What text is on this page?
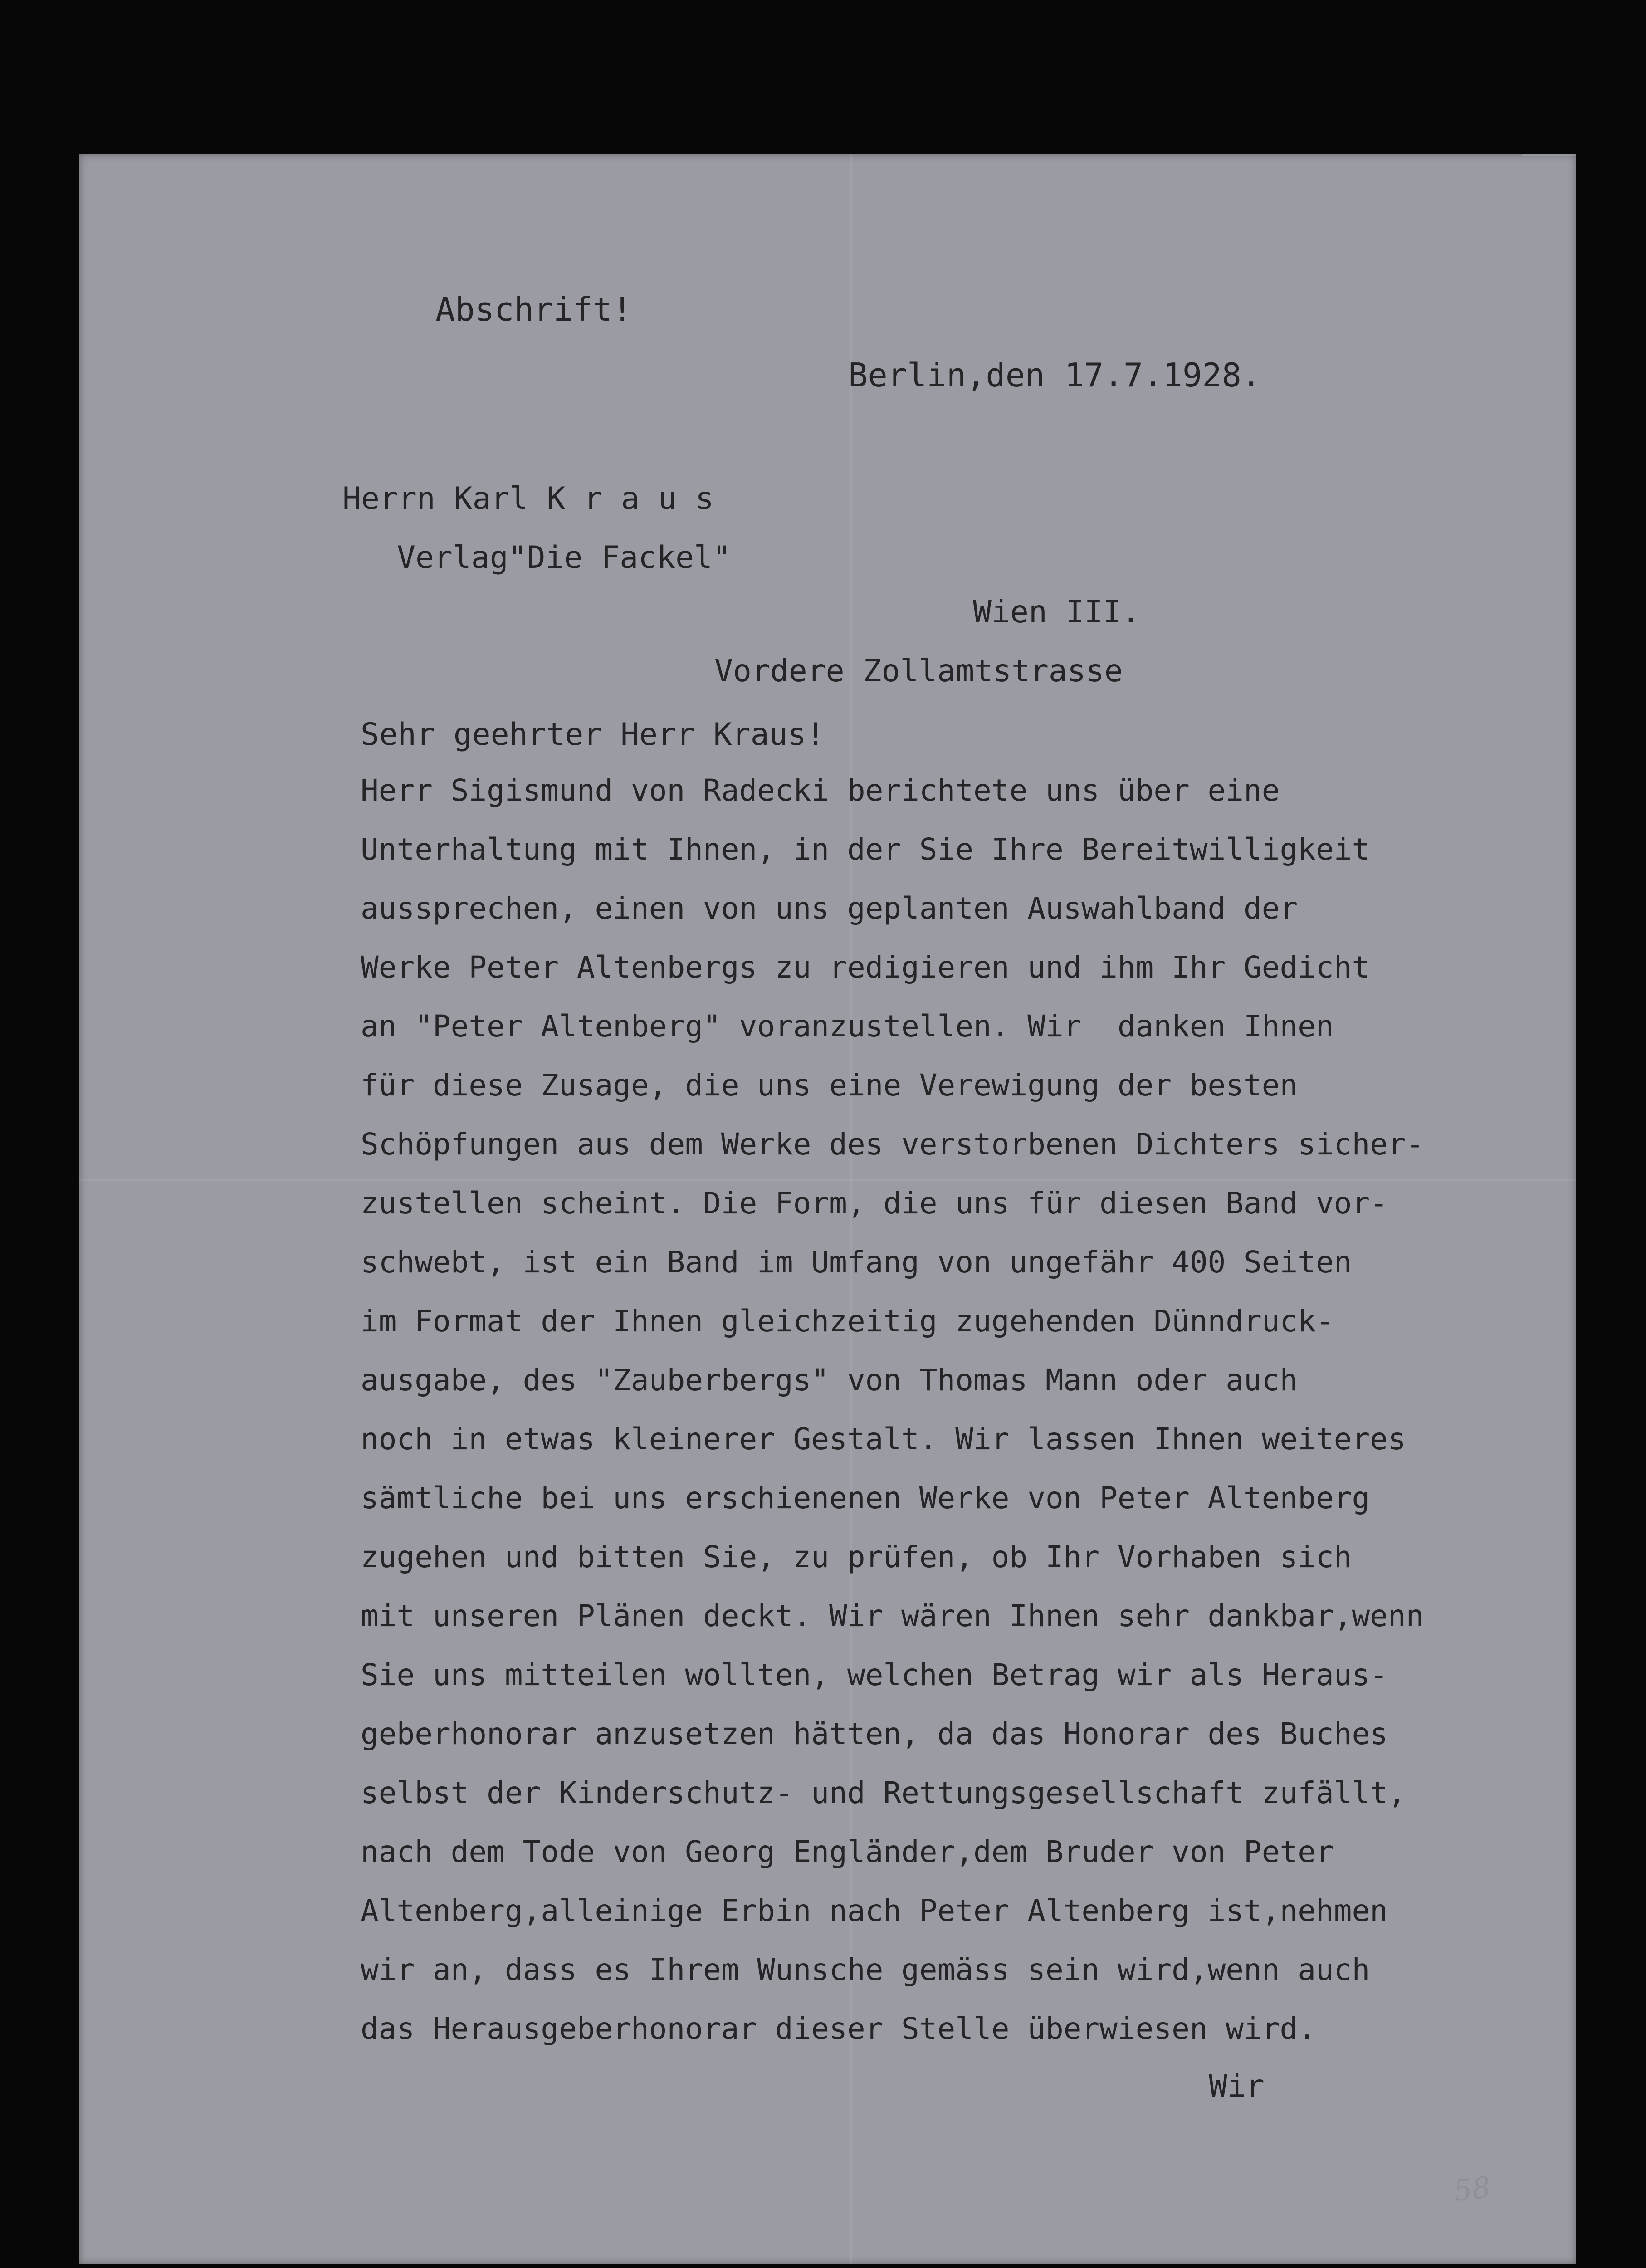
Abschrift!
Berlin,den 17.7.1928.
Herrn Karl K r a u s
Verlag"Die Fackel"
Wien III.
Vordere Zollamtstrasse
Sehr geehrter Herr Kraus!
Herr Sigismund von Radecki berichtete uns über eine
Unterhaltung mit Ihnen, in der Sie Ihre Bereitwilligkeit
aussprechen, einen von uns geplanten Auswahlband der
Werke Peter Altenbergs zu redigieren und ihm Ihr Gedicht
an "Peter Altenberg" voranzustellen. Wir  danken Ihnen
für diese Zusage, die uns eine Verewigung der besten
Schöpfungen aus dem Werke des verstorbenen Dichters sicher-
zustellen scheint. Die Form, die uns für diesen Band vor-
schwebt, ist ein Band im Umfang von ungefähr 400 Seiten
im Format der Ihnen gleichzeitig zugehenden Dünndruck-
ausgabe, des "Zauberbergs" von Thomas Mann oder auch
noch in etwas kleinerer Gestalt. Wir lassen Ihnen weiteres
sämtliche bei uns erschienenen Werke von Peter Altenberg
zugehen und bitten Sie, zu prüfen, ob Ihr Vorhaben sich
mit unseren Plänen deckt. Wir wären Ihnen sehr dankbar,wenn
Sie uns mitteilen wollten, welchen Betrag wir als Heraus-
geberhonorar anzusetzen hätten, da das Honorar des Buches
selbst der Kinderschutz- und Rettungsgesellschaft zufällt,
nach dem Tode von Georg Engländer,dem Bruder von Peter
Altenberg,alleinige Erbin nach Peter Altenberg ist,nehmen
wir an, dass es Ihrem Wunsche gemäss sein wird,wenn auch
das Herausgeberhonorar dieser Stelle überwiesen wird.
Wir
58
